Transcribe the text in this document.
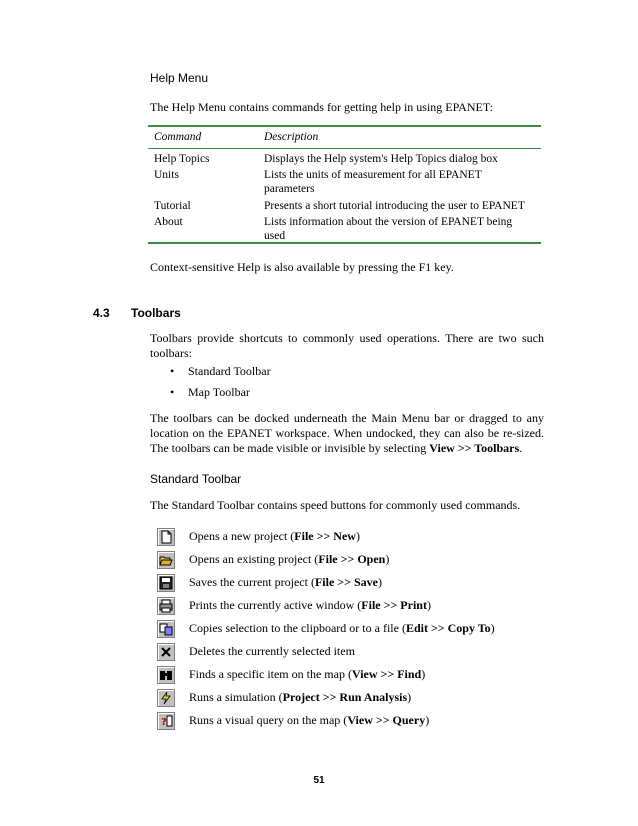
Help Menu
The Help Menu contains commands for getting help in using EPANET:
Command	Description
Help Topics	Displays the Help system's Help Topics dialog box
Units	Lists the units of measurement for all EPANET parameters
Tutorial	Presents a short tutorial introducing the user to EPANET
About	Lists information about the version of EPANET being used
Context-sensitive Help is also available by pressing the F1 key.
4.3 Toolbars
Toolbars provide shortcuts to commonly used operations. There are two such toolbars:
• Standard Toolbar
• Map Toolbar
The toolbars can be docked underneath the Main Menu bar or dragged to any location on the EPANET workspace. When undocked, they can also be re-sized. The toolbars can be made visible or invisible by selecting View >> Toolbars.
Standard Toolbar
The Standard Toolbar contains speed buttons for commonly used commands.
Opens a new project (File >> New)
Opens an existing project (File >> Open)
Saves the current project (File >> Save)
Prints the currently active window (File >> Print)
Copies selection to the clipboard or to a file (Edit >> Copy To)
Deletes the currently selected item
Finds a specific item on the map (View >> Find)
Runs a simulation (Project >> Run Analysis)
? Runs a visual query on the map (View >> Query)
51
